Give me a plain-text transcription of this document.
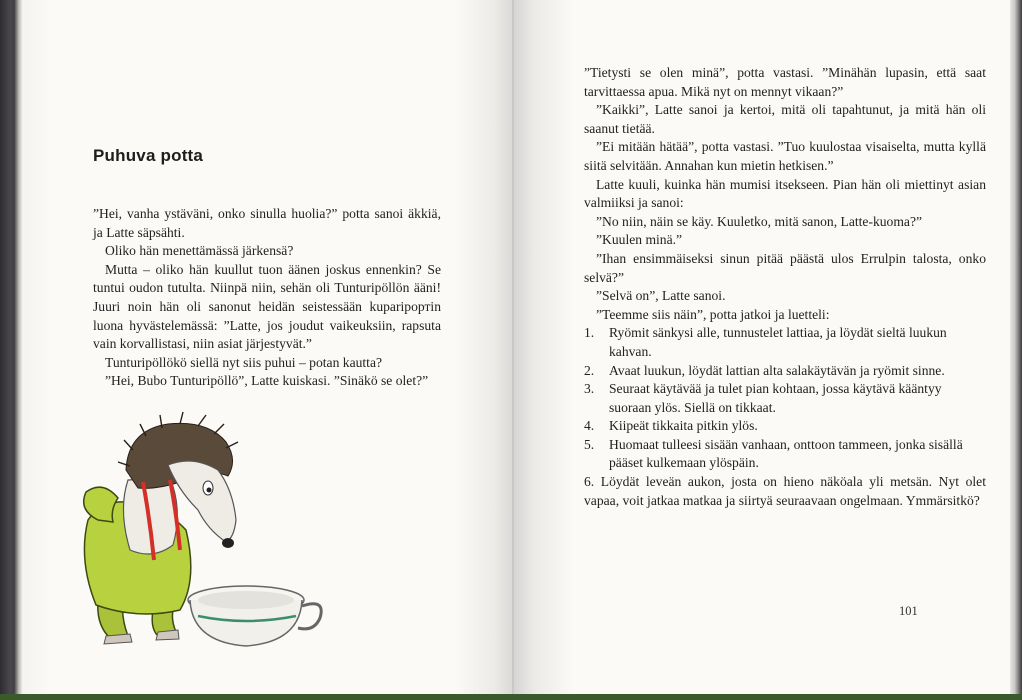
Puhuva potta

”Hei, vanha ystäväni, onko sinulla huolia?” potta sanoi äkkiä, ja Latte säpsähti.

Oliko hän menettämässä järkensä?

Mutta – oliko hän kuullut tuon äänen joskus ennenkin? Se tuntui oudon tutulta. Niinpä niin, sehän oli Tunturipöllön ääni! Juuri noin hän oli sanonut heidän seistessään kuparipортin luona hyvästelemässä: ”Latte, jos joudut vaikeuksiin, rapsuta vain korvallistasi, niin asiat järjestyvät.”

Tunturipöllökö siellä nyt siis puhui – potan kautta?

”Hei, Bubo Tunturipöllö”, Latte kuiskasi. ”Sinäkö se olet?”

”Tietysti se olen minä”, potta vastasi. ”Minähän lupasin, että saat tarvittaessa apua. Mikä nyt on mennyt vikaan?”

”Kaikki”, Latte sanoi ja kertoi, mitä oli tapahtunut, ja mitä hän oli saanut tietää.

”Ei mitään hätää”, potta vastasi. ”Tuo kuulostaa visaiselta, mutta kyllä siitä selvitään. Annahan kun mietin hetkisen.”

Latte kuuli, kuinka hän mumisi itsekseen. Pian hän oli miettinyt asian valmiiksi ja sanoi:

”No niin, näin se käy. Kuuletko, mitä sanon, Latte-kuoma?”

”Kuulen minä.”

”Ihan ensimmäiseksi sinun pitää päästä ulos Errulpin talosta, onko selvä?”

”Selvä on”, Latte sanoi.

”Teemme siis näin”, potta jatkoi ja luetteli:

1. Ryömit sänkysi alle, tunnustelet lattiaa, ja löydät sieltä luukun kahvan.
2. Avaat luukun, löydät lattian alta salakäytävän ja ryömit sinne.
3. Seuraat käytävää ja tulet pian kohtaan, jossa käytävä kääntyy suoraan ylös. Siellä on tikkaat.
4. Kiipeät tikkaita pitkin ylös.
5. Huomaat tulleesi sisään vanhaan, onttoon tammeen, jonka sisällä pääset kulkemaan ylöspäin.

6. Löydät leveän aukon, josta on hieno näköala yli metsän. Nyt olet vapaa, voit jatkaa matkaa ja siirtyä seuraavaan ongelmaan. Ymmärsitkö?

101
